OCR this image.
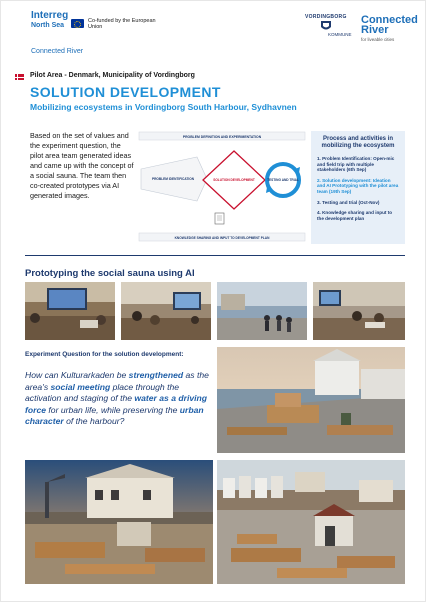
Interreg
North Sea
Co-funded by the European Union
Connected River
VORDINGBORG
KOMMUNE
Connected River
for liveable cities
Pilot Area - Denmark, Municipality of Vordingborg
SOLUTION DEVELOPMENT
Mobilizing ecosystems in Vordingborg South Harbour, Sydhavnen
Based on the set of values and the experiment question, the pilot area team generated ideas and came up with the concept of a social sauna. The team then co-created prototypes via AI generated images.
PROBLEM DEFINITION AND EXPERIMENTATION
PROBLEM IDENTIFICATION	SOLUTION DEVELOPMENT	TESTING AND TRIAL
KNOWLEDGE SHARING AND INPUT TO DEVELOPMENT PLAN
Process and activities in mobilizing the ecosystem
1. Problem Identification: Open-mic and field trip with multiple stakeholders (6th Sep)
2. Solution development: Ideation and AI Prototyping with the pilot area team (19th Sep)
3. Testing and trial (Oct-Nov)
4. Knowledge sharing and input to the development plan
Prototyping the social sauna using AI
Experiment Question for the solution development:
How can Kulturarkaden be strengthened as the area's social meeting place through the activation and staging of the water as a driving force for urban life, while preserving the urban character of the harbour?
